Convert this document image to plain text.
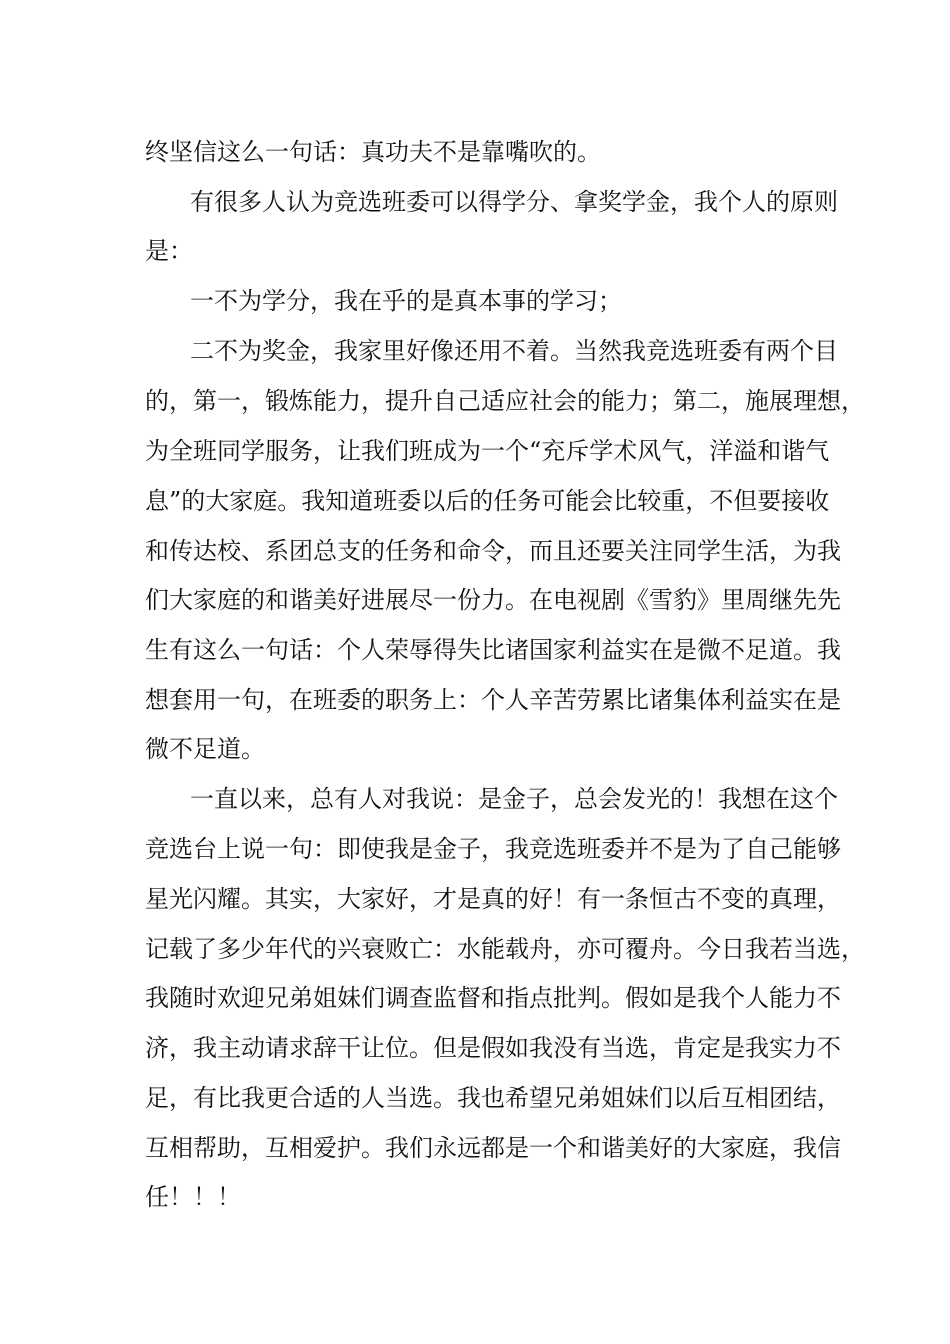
终坚信这么一句话：真功夫不是靠嘴吹的。
有很多人认为竞选班委可以得学分、拿奖学金，我个人的原则
是：
一不为学分，我在乎的是真本事的学习；
二不为奖金，我家里好像还用不着。当然我竞选班委有两个目
的，第一，锻炼能力，提升自己适应社会的能力；第二，施展理想，
为全班同学服务，让我们班成为一个“充斥学术风气，洋溢和谐气
息”的大家庭。我知道班委以后的任务可能会比较重，不但要接收
和传达校、系团总支的任务和命令，而且还要关注同学生活，为我
们大家庭的和谐美好进展尽一份力。在电视剧《雪豹》里周继先先
生有这么一句话：个人荣辱得失比诸国家利益实在是微不足道。我
想套用一句，在班委的职务上：个人辛苦劳累比诸集体利益实在是
微不足道。
一直以来，总有人对我说：是金子，总会发光的！我想在这个
竞选台上说一句：即使我是金子，我竞选班委并不是为了自己能够
星光闪耀。其实，大家好，才是真的好！有一条恒古不变的真理，
记载了多少年代的兴衰败亡：水能载舟，亦可覆舟。今日我若当选，
我随时欢迎兄弟姐妹们调查监督和指点批判。假如是我个人能力不
济，我主动请求辞干让位。但是假如我没有当选，肯定是我实力不
足，有比我更合适的人当选。我也希望兄弟姐妹们以后互相团结，
互相帮助，互相爱护。我们永远都是一个和谐美好的大家庭，我信
任！！！
